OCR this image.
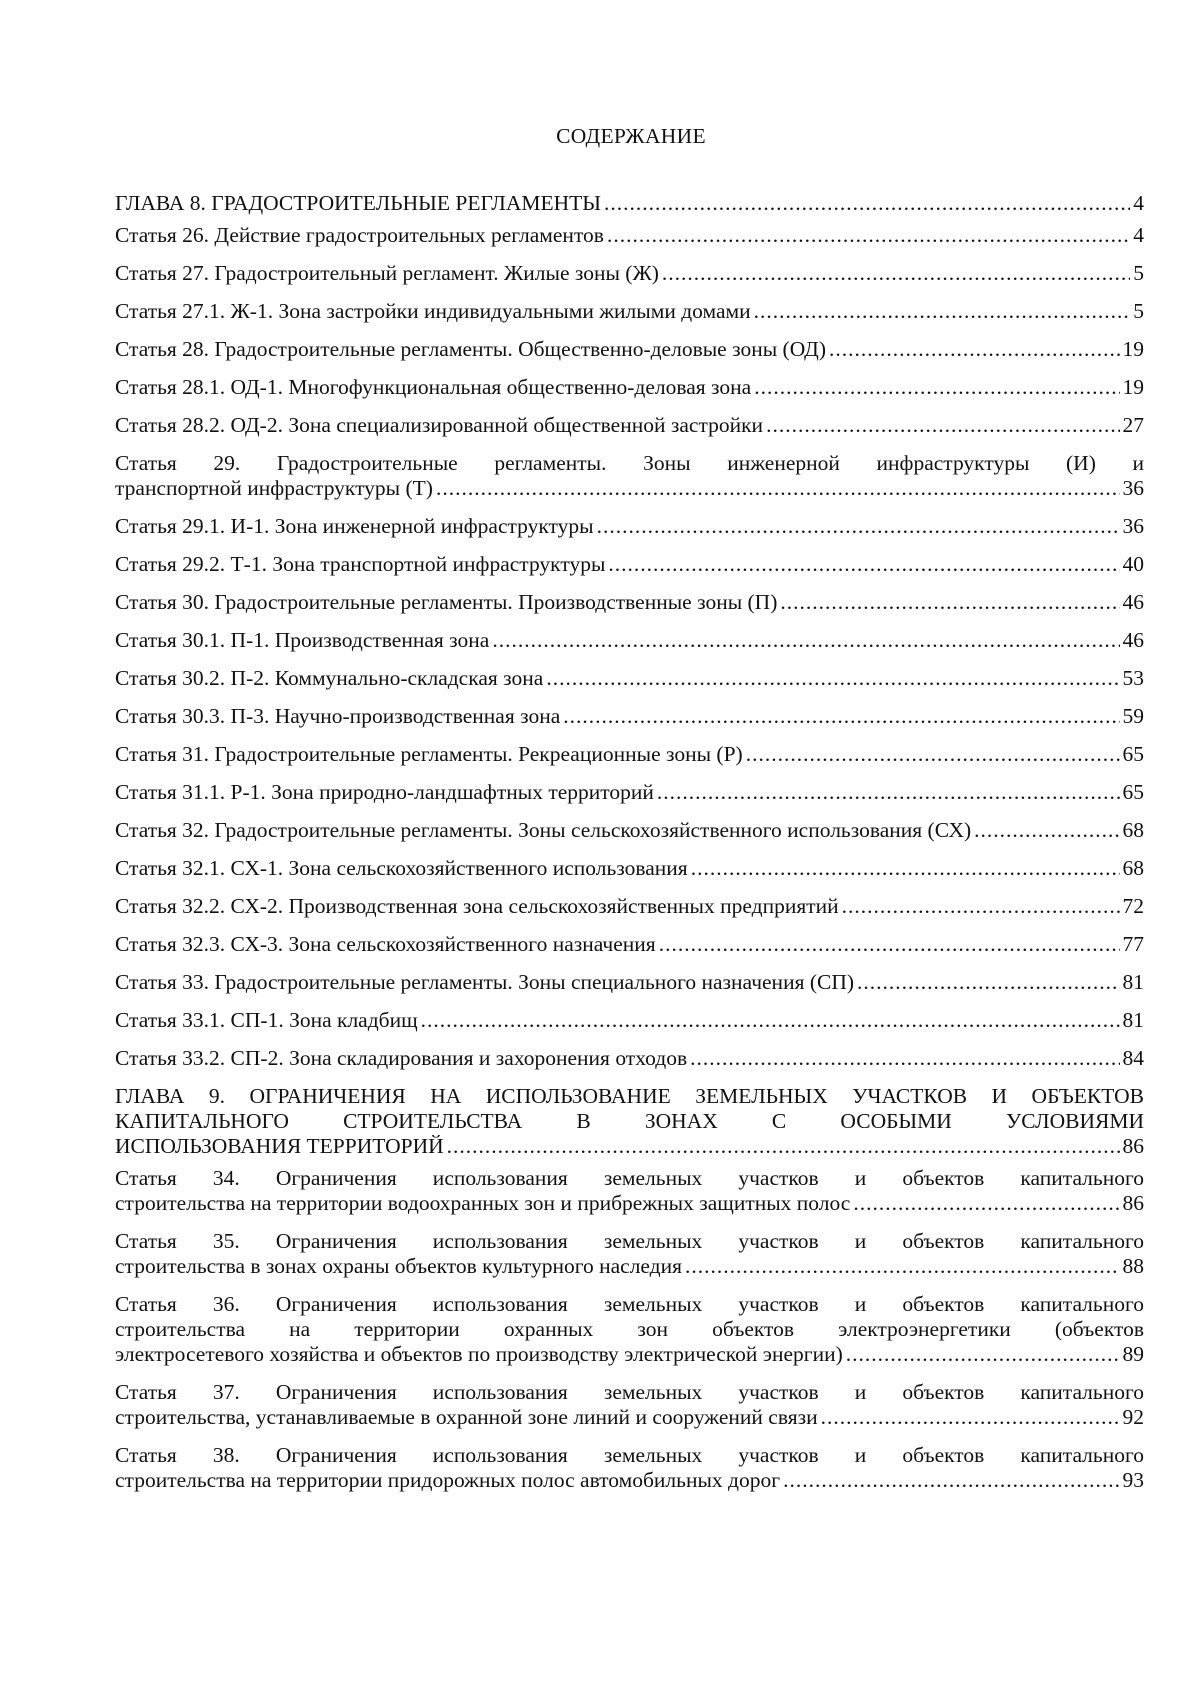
СОДЕРЖАНИЕ
ГЛАВА 8. ГРАДОСТРОИТЕЛЬНЫЕ РЕГЛАМЕНТЫ .....	4
Статья 26. Действие градостроительных регламентов .....	4
Статья 27. Градостроительный регламент. Жилые зоны (Ж) .....	5
Статья 27.1. Ж-1. Зона застройки индивидуальными жилыми домами .....	5
Статья 28. Градостроительные регламенты. Общественно-деловые зоны (ОД) .....	19
Статья 28.1. ОД-1. Многофункциональная общественно-деловая зона .....	19
Статья 28.2. ОД-2. Зона специализированной общественной застройки .....	27
Статья 29. Градостроительные регламенты. Зоны инженерной инфраструктуры (И) и
транспортной инфраструктуры (Т) .....	36
Статья 29.1. И-1. Зона инженерной инфраструктуры .....	36
Статья 29.2. Т-1. Зона транспортной инфраструктуры .....	40
Статья 30. Градостроительные регламенты. Производственные зоны (П) .....	46
Статья 30.1. П-1. Производственная зона .....	46
Статья 30.2. П-2. Коммунально-складская зона .....	53
Статья 30.3. П-3. Научно-производственная зона .....	59
Статья 31. Градостроительные регламенты. Рекреационные зоны (Р) .....	65
Статья 31.1. Р-1. Зона природно-ландшафтных территорий .....	65
Статья 32. Градостроительные регламенты. Зоны сельскохозяйственного использования (СХ) .....	68
Статья 32.1. СХ-1. Зона сельскохозяйственного использования .....	68
Статья 32.2. СХ-2. Производственная зона сельскохозяйственных предприятий .....	72
Статья 32.3. СХ-3. Зона сельскохозяйственного назначения .....	77
Статья 33. Градостроительные регламенты. Зоны специального назначения (СП) .....	81
Статья 33.1. СП-1. Зона кладбищ .....	81
Статья 33.2. СП-2. Зона складирования и захоронения отходов .....	84
ГЛАВА 9. ОГРАНИЧЕНИЯ НА ИСПОЛЬЗОВАНИЕ ЗЕМЕЛЬНЫХ УЧАСТКОВ И ОБЪЕКТОВ
КАПИТАЛЬНОГО СТРОИТЕЛЬСТВА В ЗОНАХ С ОСОБЫМИ УСЛОВИЯМИ
ИСПОЛЬЗОВАНИЯ ТЕРРИТОРИЙ .....	86
Статья 34. Ограничения использования земельных участков и объектов капитального
строительства на территории водоохранных зон и прибрежных защитных полос .....	86
Статья 35. Ограничения использования земельных участков и объектов капитального
строительства в зонах охраны объектов культурного наследия .....	88
Статья 36. Ограничения использования земельных участков и объектов капитального
строительства на территории охранных зон объектов электроэнергетики (объектов
электросетевого хозяйства и объектов по производству электрической энергии) .....	89
Статья 37. Ограничения использования земельных участков и объектов капитального
строительства, устанавливаемые в охранной зоне линий и сооружений связи .....	92
Статья 38. Ограничения использования земельных участков и объектов капитального
строительства на территории придорожных полос автомобильных дорог .....	93
